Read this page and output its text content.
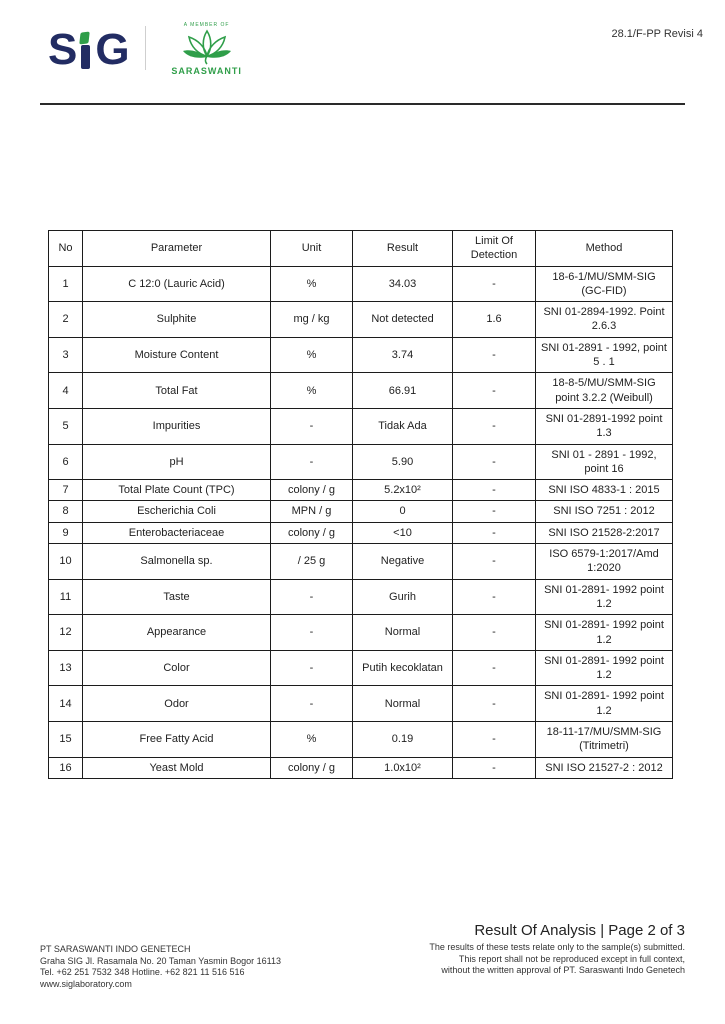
S G	A MEMBER OF
SARASWANTI
28.1/F-PP Revisi 4
No	Parameter	Unit	Result	Limit Of Detection	Method
1	C 12:0 (Lauric Acid)	%	34.03	-	18-6-1/MU/SMM-SIG (GC-FID)
2	Sulphite	mg / kg	Not detected	1.6	SNI 01-2894-1992. Point 2.6.3
3	Moisture Content	%	3.74	-	SNI 01-2891 - 1992, point 5 . 1
4	Total Fat	%	66.91	-	18-8-5/MU/SMM-SIG point 3.2.2 (Weibull)
5	Impurities	-	Tidak Ada	-	SNI 01-2891-1992 point 1.3
6	pH	-	5.90	-	SNI 01 - 2891 - 1992, point 16
7	Total Plate Count (TPC)	colony / g	5.2x10²	-	SNI ISO 4833-1 : 2015
8	Escherichia Coli	MPN / g	0	-	SNI ISO 7251 : 2012
9	Enterobacteriaceae	colony / g	<10	-	SNI ISO 21528-2:2017
10	Salmonella sp.	/ 25 g	Negative	-	ISO 6579-1:2017/Amd 1:2020
11	Taste	-	Gurih	-	SNI 01-2891- 1992 point 1.2
12	Appearance	-	Normal	-	SNI 01-2891- 1992 point 1.2
13	Color	-	Putih kecoklatan	-	SNI 01-2891- 1992 point 1.2
14	Odor	-	Normal	-	SNI 01-2891- 1992 point 1.2
15	Free Fatty Acid	%	0.19	-	18-11-17/MU/SMM-SIG (Titrimetri)
16	Yeast Mold	colony / g	1.0x10²	-	SNI ISO 21527-2 : 2012
PT SARASWANTI INDO GENETECH
Graha SIG Jl. Rasamala No. 20 Taman Yasmin Bogor 16113
Tel. +62 251 7532 348 Hotline. +62 821 11 516 516
www.siglaboratory.com
Result Of Analysis | Page 2 of 3
The results of these tests relate only to the sample(s) submitted.
This report shall not be reproduced except in full context,
without the written approval of PT. Saraswanti Indo Genetech
